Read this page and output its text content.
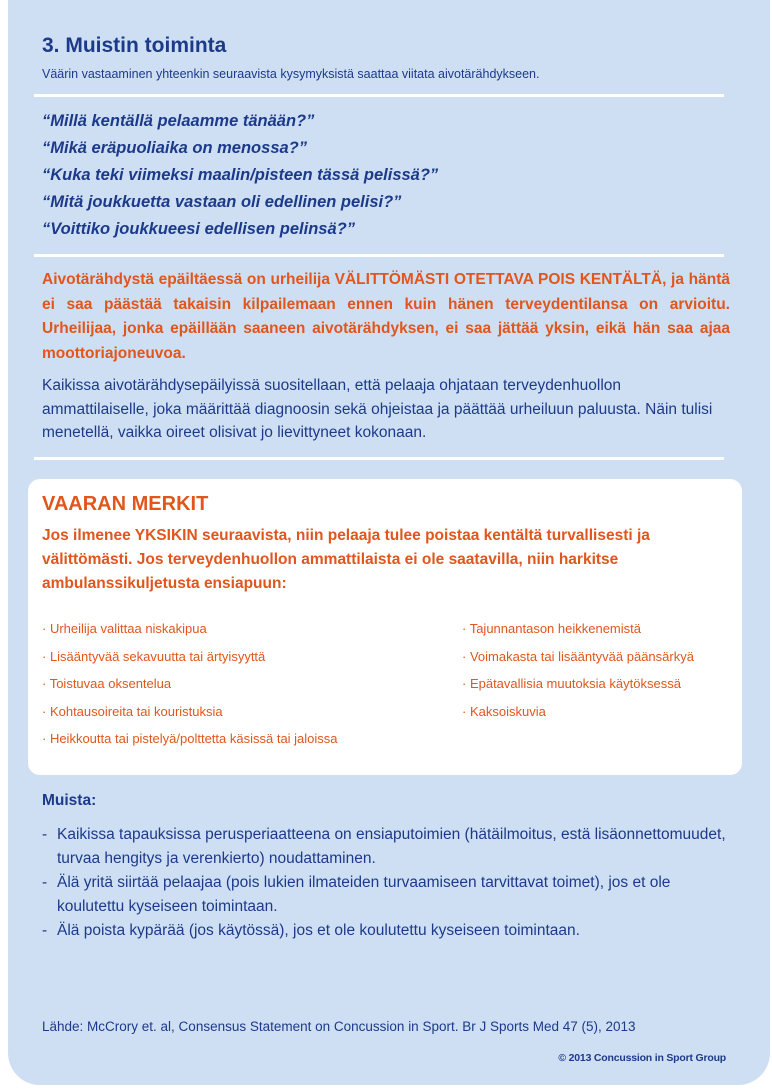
3. Muistin toiminta

Väärin vastaaminen yhteenkin seuraavista kysymyksistä saattaa viitata aivotärähdykseen.

“Millä kentällä pelaamme tänään?”
“Mikä eräpuoliaika on menossa?”
“Kuka teki viimeksi maalin/pisteen tässä pelissä?”
“Mitä joukkuetta vastaan oli edellinen pelisi?”
“Voittiko joukkueesi edellisen pelinsä?”

Aivotärähdystä epäiltäessä on urheilija VÄLITTÖMÄSTI OTETTAVA POIS KENTÄLTÄ, ja häntä ei saa päästää takaisin kilpailemaan ennen kuin hänen terveydentilansa on arvioitu. Urheilijaa, jonka epäillään saaneen aivotärähdyksen, ei saa jättää yksin, eikä hän saa ajaa moottoriajoneuvoa.

Kaikissa aivotärähdysepäilyissä suositellaan, että pelaaja ohjataan terveydenhuollon ammattilaiselle, joka määrittää diagnoosin sekä ohjeistaa ja päättää urheiluun paluusta. Näin tulisi menetellä, vaikka oireet olisivat jo lievittyneet kokonaan.

VAARAN MERKIT

Jos ilmenee YKSIKIN seuraavista, niin pelaaja tulee poistaa kentältä turvallisesti ja välittömästi. Jos terveydenhuollon ammattilaista ei ole saatavilla, niin harkitse ambulanssikuljetusta ensiapuun:

· Urheilija valittaa niskakipua
· Lisääntyvää sekavuutta tai ärtyisyyttä
· Toistuvaa oksentelua
· Kohtausoireita tai kouristuksia
· Heikkoutta tai pistelyä/polttetta käsissä tai jaloissa
· Tajunnantason heikkenemistä
· Voimakasta tai lisääntyvää päänsärkyä
· Epätavallisia muutoksia käytöksessä
· Kaksoiskuvia
Muista:
- Kaikissa tapauksissa perusperiaatteena on ensiaputoimien (hätäilmoitus, estä lisäonnettomuudet, turvaa hengitys ja verenkierto) noudattaminen.
- Älä yritä siirtää pelaajaa (pois lukien ilmateiden turvaamiseen tarvittavat toimet), jos et ole koulutettu kyseiseen toimintaan.
- Älä poista kypärää (jos käytössä), jos et ole koulutettu kyseiseen toimintaan.

Lähde: McCrory et. al, Consensus Statement on Concussion in Sport. Br J Sports Med 47 (5), 2013

© 2013 Concussion in Sport Group
